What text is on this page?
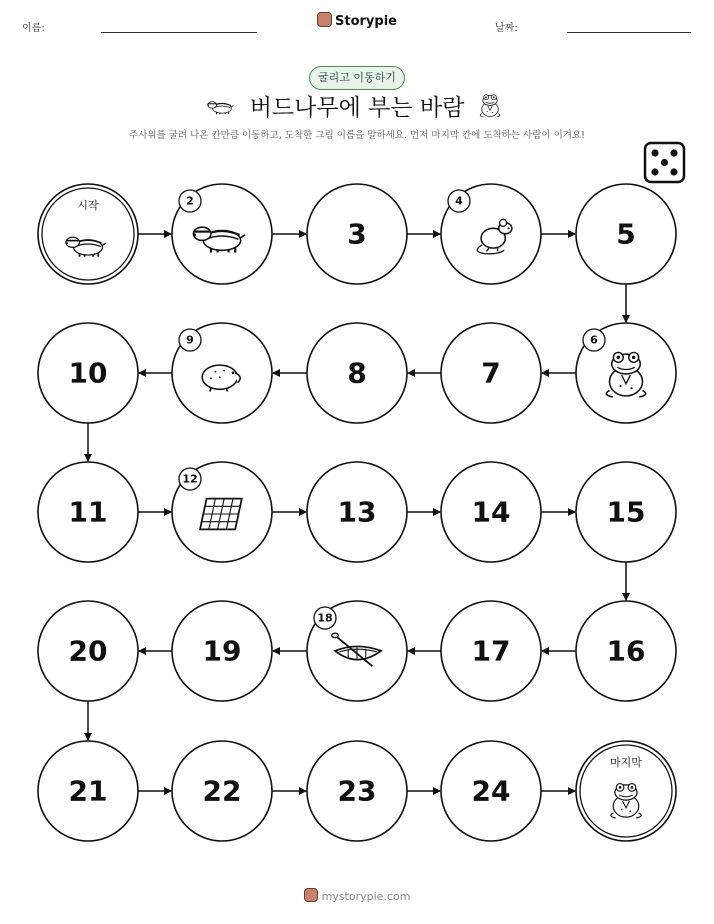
이름:	Storypie	날짜:
굴리고 이동하기
버드나무에 부는 바람
주사위를 굴려 나온 칸만큼 이동하고, 도착한 그림 이름을 말하세요. 먼저 마지막 칸에 도착하는 사람이 이겨요!
시작	2
3
4
5
6
7
8
9
10
11
12
13	14	15
16
17
18
19
20
21	22	23	24
마지막
mystorypie.com
